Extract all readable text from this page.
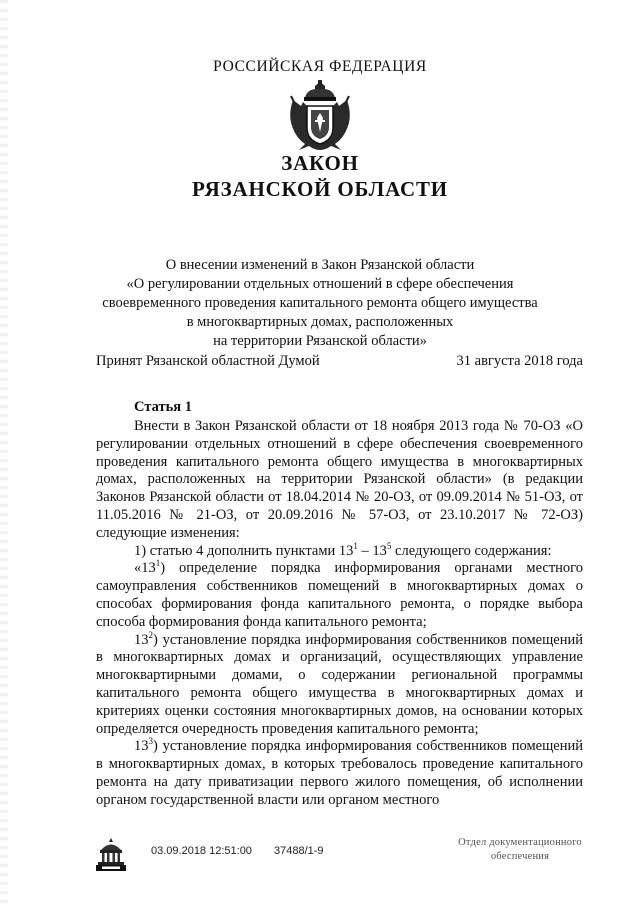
РОССИЙСКАЯ ФЕДЕРАЦИЯ
ЗАКОН
РЯЗАНСКОЙ ОБЛАСТИ
О внесении изменений в Закон Рязанской области
«О регулировании отдельных отношений в сфере обеспечения
своевременного проведения капитального ремонта общего имущества
в многоквартирных домах, расположенных
на территории Рязанской области»
Принят Рязанской областной Думой	31 августа 2018 года
Статья 1

Внести в Закон Рязанской области от 18 ноября 2013 года № 70-ОЗ «О регулировании отдельных отношений в сфере обеспечения своевременного проведения капитального ремонта общего имущества в многоквартирных домах, расположенных на территории Рязанской области» (в редакции Законов Рязанской области от 18.04.2014 № 20-ОЗ, от 09.09.2014 № 51-ОЗ, от 11.05.2016 № 21-ОЗ, от 20.09.2016 № 57-ОЗ, от 23.10.2017 № 72-ОЗ) следующие изменения:

1) статью 4 дополнить пунктами $13^1 - 13^5$ следующего содержания:

«$13^1$) определение порядка информирования органами местного самоуправления собственников помещений в многоквартирных домах о способах формирования фонда капитального ремонта, о порядке выбора способа формирования фонда капитального ремонта;

$13^2$) установление порядка информирования собственников помещений в многоквартирных домах и организаций, осуществляющих управление многоквартирными домами, о содержании региональной программы капитального ремонта общего имущества в многоквартирных домах и критериях оценки состояния многоквартирных домов, на основании которых определяется очередность проведения капитального ремонта;

$13^3$) установление порядка информирования собственников помещений в многоквартирных домах, в которых требовалось проведение капитального ремонта на дату приватизации первого жилого помещения, об исполнении органом государственной власти или органом местного

03.09.2018 12:51:00 37488/1-9
Отдел документационного
обеспечения
